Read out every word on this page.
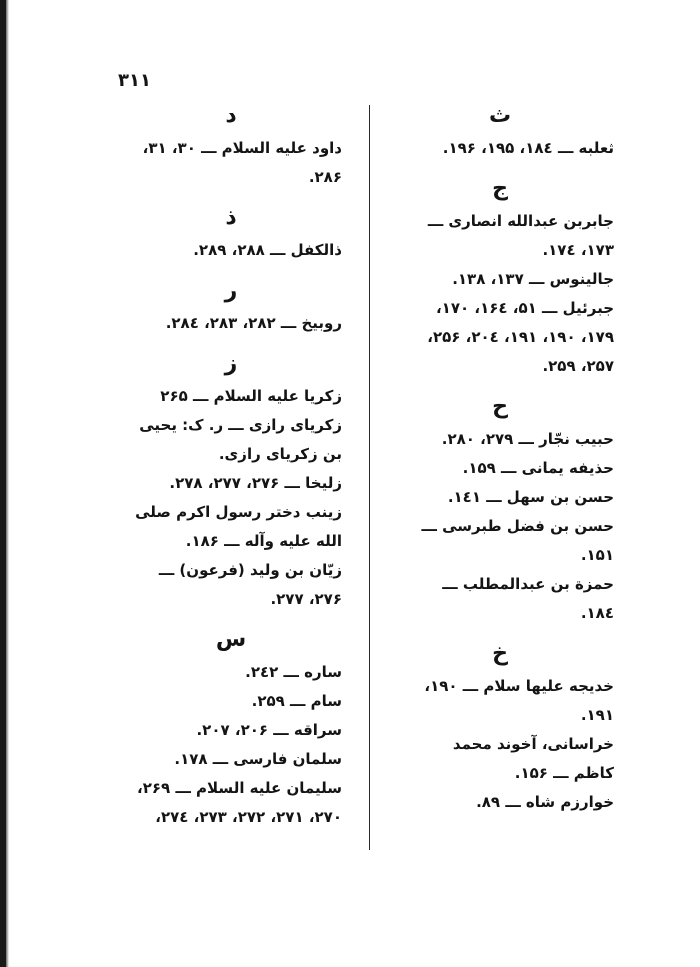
۳۱۱
ث
ثعلبه ـــ ۱۸٤، ۱۹۵، ۱۹۶.
ج
جابربن عبدالله انصاری ـــ
۱۷۳، ۱۷٤.
جالینوس ـــ ۱۳۷، ۱۳۸.
جبرئیل ـــ ۵۱، ۱۶٤، ۱۷۰،
۱۷۹، ۱۹۰، ۱۹۱، ۲۰٤، ۲۵۶،
۲۵۷، ۲۵۹.
ح
حبیب نجّار ـــ ۲۷۹، ۲۸۰.
حذیفه یمانی ـــ ۱۵۹.
حسن بن سهل ـــ ۱٤۱.
حسن بن فضل طبرسی ـــ
۱۵۱.
حمزة بن عبدالمطلب ـــ
۱۸٤.
خ
خدیجه علیها سلام ـــ ۱۹۰،
۱۹۱.
خراسانی، آخوند محمد
کاظم ـــ ۱۵۶.
خوارزم شاه ـــ ۸۹.
د
داود علیه السلام ـــ ۳۰، ۳۱،
۲۸۶.
ذ
ذالکفل ـــ ۲۸۸، ۲۸۹.
ر
روبیخ ـــ ۲۸۲، ۲۸۳، ۲۸٤.
ز
زکریا علیه السلام ـــ ۲۶۵
زکریای رازی ـــ ر. ک: یحیی
بن زکریای رازی.
زلیخا ـــ ۲۷۶، ۲۷۷، ۲۷۸.
زینب دختر رسول اکرم صلی
الله علیه وآله ـــ ۱۸۶.
زیّان بن ولید (فرعون) ـــ
۲۷۶، ۲۷۷.
س
ساره ـــ ۲٤۲.
سام ـــ ۲۵۹.
سراقه ـــ ۲۰۶، ۲۰۷.
سلمان فارسی ـــ ۱۷۸.
سلیمان علیه السلام ـــ ۲۶۹،
۲۷۰، ۲۷۱، ۲۷۲، ۲۷۳، ۲۷٤،
